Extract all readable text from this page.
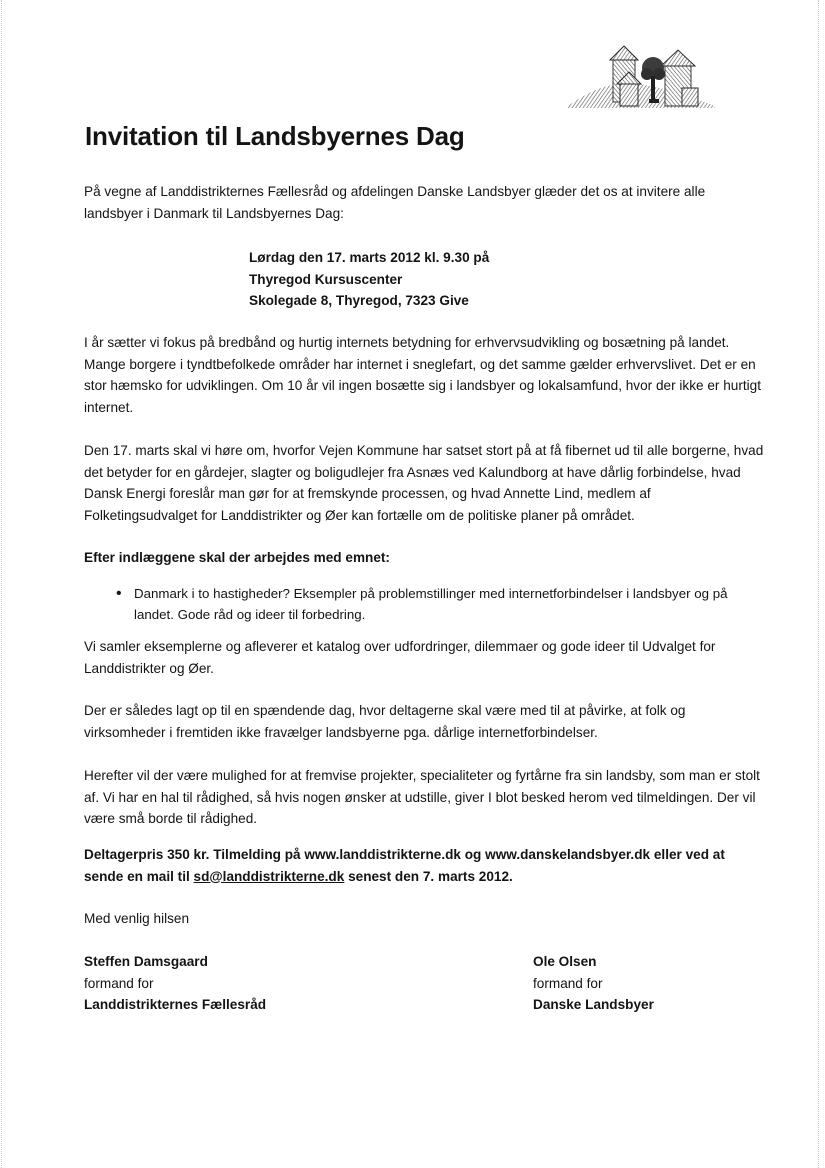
Invitation til Landsbyernes Dag

På vegne af Landdistrikternes Fællesråd og afdelingen Danske Landsbyer glæder det os at invitere alle landsbyer i Danmark til Landsbyernes Dag:

Lørdag den 17. marts 2012 kl. 9.30 på
Thyregod Kursuscenter
Skolegade 8, Thyregod, 7323 Give

I år sætter vi fokus på bredbånd og hurtig internets betydning for erhvervsudvikling og bosætning på landet. Mange borgere i tyndtbefolkede områder har internet i sneglefart, og det samme gælder erhvervslivet. Det er en stor hæmsko for udviklingen. Om 10 år vil ingen bosætte sig i landsbyer og lokalsamfund, hvor der ikke er hurtigt internet.

Den 17. marts skal vi høre om, hvorfor Vejen Kommune har satset stort på at få fibernet ud til alle borgerne, hvad det betyder for en gårdejer, slagter og boligudlejer fra Asnæs ved Kalundborg at have dårlig forbindelse, hvad Dansk Energi foreslår man gør for at fremskynde processen, og hvad Annette Lind, medlem af Folketingsudvalget for Landdistrikter og Øer kan fortælle om de politiske planer på området.

Efter indlæggene skal der arbejdes med emnet:

• Danmark i to hastigheder? Eksempler på problemstillinger med internetforbindelser i landsbyer og på landet. Gode råd og ideer til forbedring.

Vi samler eksemplerne og afleverer et katalog over udfordringer, dilemmaer og gode ideer til Udvalget for Landdistrikter og Øer.

Der er således lagt op til en spændende dag, hvor deltagerne skal være med til at påvirke, at folk og virksomheder i fremtiden ikke fravælger landsbyerne pga. dårlige internetforbindelser.

Herefter vil der være mulighed for at fremvise projekter, specialiteter og fyrtårne fra sin landsby, som man er stolt af. Vi har en hal til rådighed, så hvis nogen ønsker at udstille, giver I blot besked herom ved tilmeldingen. Der vil være små borde til rådighed.

Deltagerpris 350 kr. Tilmelding på www.landdistrikterne.dk og www.danskelandsbyer.dk eller ved at sende en mail til sd@landdistrikterne.dk senest den 7. marts 2012.

Med venlig hilsen

Steffen Damsgaard
formand for
Landdistrikternes Fællesråd
Ole Olsen
formand for
Danske Landsbyer
